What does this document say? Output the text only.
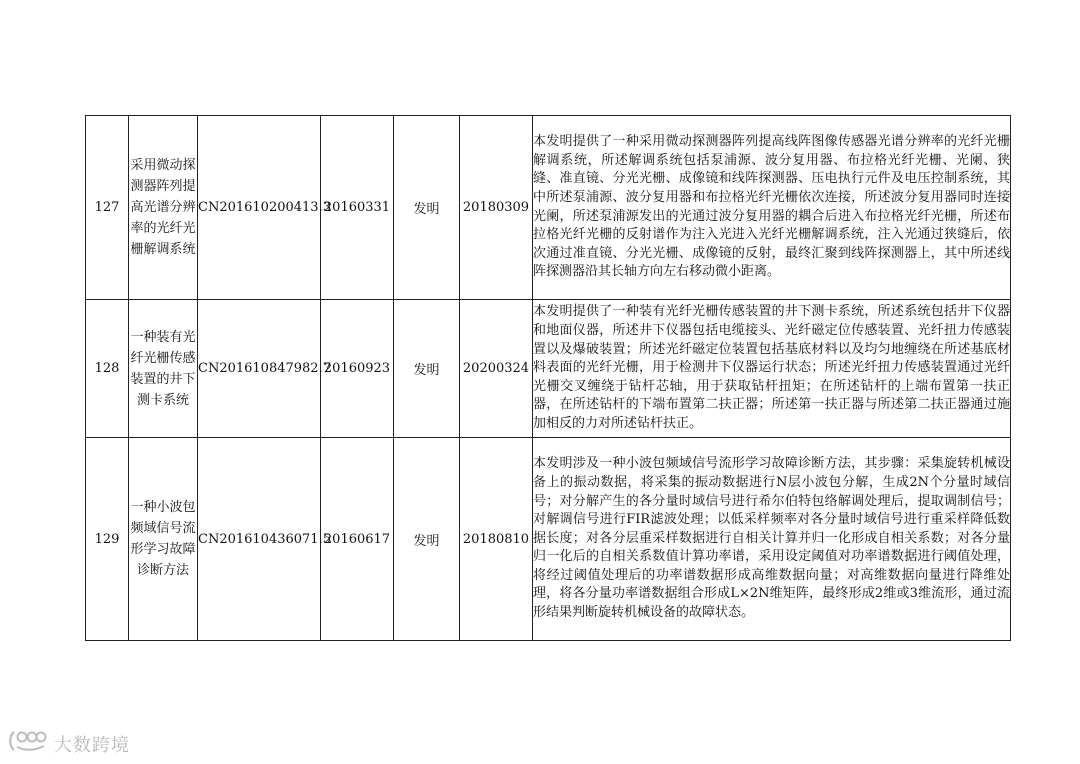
127	采用微动探测器阵列提高光谱分辨率的光纤光栅解调系统	CN201610200413.3	20160331	发明	20180309	本发明提供了一种采用微动探测器阵列提高线阵图像传感器光谱分辨率的光纤光栅解调系统，所述解调系统包括泵浦源、波分复用器、布拉格光纤光栅、光阑、狭缝、准直镜、分光光栅、成像镜和线阵探测器、压电执行元件及电压控制系统，其中所述泵浦源、波分复用器和布拉格光纤光栅依次连接，所述波分复用器同时连接光阑，所述泵浦源发出的光通过波分复用器的耦合后进入布拉格光纤光栅，所述布拉格光纤光栅的反射谱作为注入光进入光纤光栅解调系统，注入光通过狭缝后，依次通过准直镜、分光光栅、成像镜的反射，最终汇聚到线阵探测器上，其中所述线阵探测器沿其长轴方向左右移动微小距离。
128	一种装有光纤光栅传感装置的井下测卡系统	CN201610847982.7	20160923	发明	20200324	本发明提供了一种装有光纤光栅传感装置的井下测卡系统，所述系统包括井下仪器和地面仪器，所述井下仪器包括电缆接头、光纤磁定位传感装置、光纤扭力传感装置以及爆破装置；所述光纤磁定位装置包括基底材料以及均匀地缠绕在所述基底材料表面的光纤光栅，用于检测井下仪器运行状态；所述光纤扭力传感装置通过光纤光栅交叉缠绕于钻杆芯轴，用于获取钻杆扭矩；在所述钻杆的上端布置第一扶正器，在所述钻杆的下端布置第二扶正器；所述第一扶正器与所述第二扶正器通过施加相反的力对所述钻杆扶正。
129	一种小波包频域信号流形学习故障诊断方法	CN201610436071.5	20160617	发明	20180810	本发明涉及一种小波包频域信号流形学习故障诊断方法，其步骤：采集旋转机械设备上的振动数据，将采集的振动数据进行N层小波包分解，生成2N个分量时域信号；对分解产生的各分量时域信号进行希尔伯特包络解调处理后，提取调制信号；对解调信号进行FIR滤波处理；以低采样频率对各分量时域信号进行重采样降低数据长度；对各分层重采样数据进行自相关计算并归一化形成自相关系数；对各分量归一化后的自相关系数值计算功率谱，采用设定阈值对功率谱数据进行阈值处理，将经过阈值处理后的功率谱数据形成高维数据向量；对高维数据向量进行降维处理，将各分量功率谱数据组合形成L×2N维矩阵，最终形成2维或3维流形，通过流形结果判断旋转机械设备的故障状态。
大数跨境
